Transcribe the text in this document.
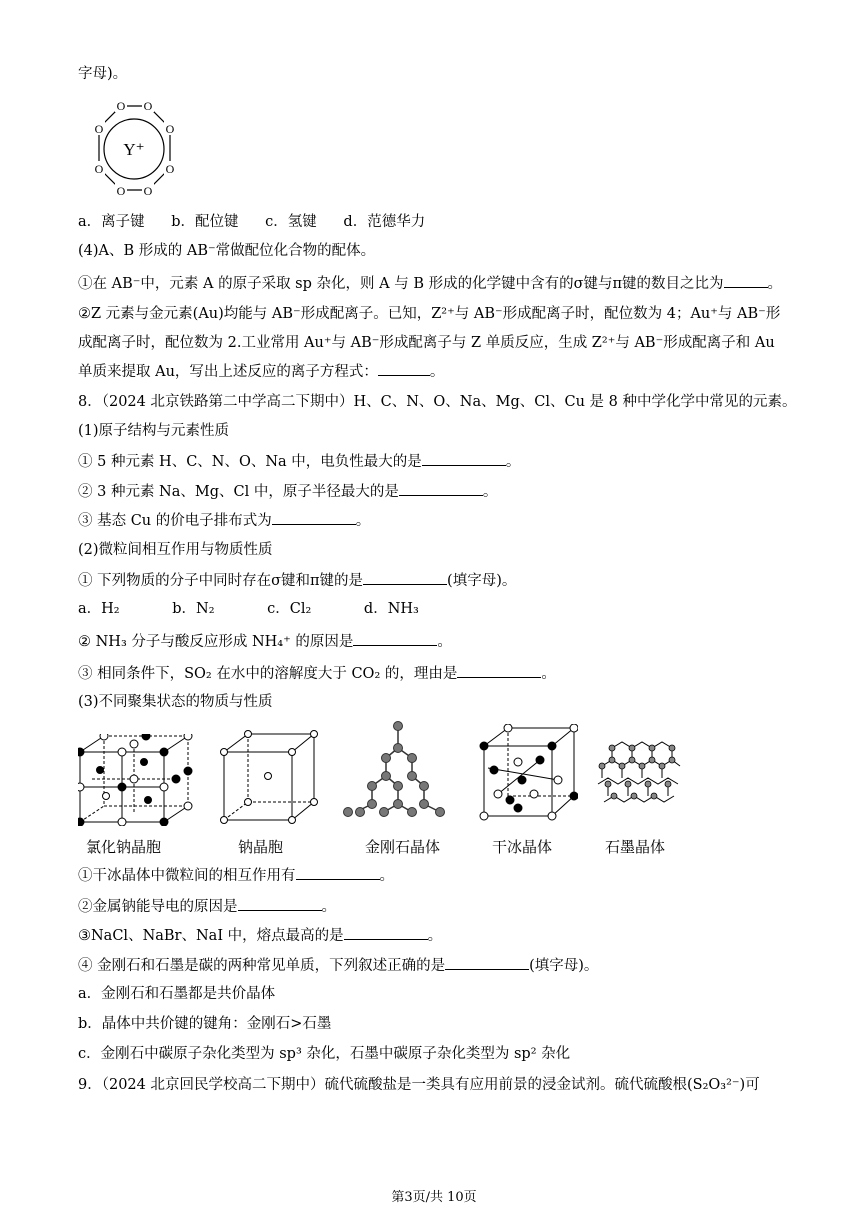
字母)。
O O
O
O
O
O
O
O
Y⁺
a．离子键 b．配位键 c．氢键 d．范德华力
(4)A、B 形成的 AB⁻常做配位化合物的配体。
①在 AB⁻中，元素 A 的原子采取 sp 杂化，则 A 与 B 形成的化学键中含有的σ键与π键的数目之比为	。
②Z 元素与金元素(Au)均能与 AB⁻形成配离子。已知，Z²⁺与 AB⁻形成配离子时，配位数为 4；Au⁺与 AB⁻形
成配离子时，配位数为 2.工业常用 Au⁺与 AB⁻形成配离子与 Z 单质反应，生成 Z²⁺与 AB⁻形成配离子和 Au
单质来提取 Au，写出上述反应的离子方程式：	。
8．（2024 北京铁路第二中学高二下期中）H、C、N、O、Na、Mg、Cl、Cu 是 8 种中学化学中常见的元素。
(1)原子结构与元素性质
① 5 种元素 H、C、N、O、Na 中，电负性最大的是	。
② 3 种元素 Na、Mg、Cl 中，原子半径最大的是	。
③ 基态 Cu 的价电子排布式为	。
(2)微粒间相互作用与物质性质
① 下列物质的分子中同时存在σ键和π键的是	(填字母)。
a．H₂	b．N₂	c．Cl₂	d．NH₃
② NH₃ 分子与酸反应形成 NH₄⁺ 的原因是	。
③ 相同条件下，SO₂ 在水中的溶解度大于 CO₂ 的，理由是	。
(3)不同聚集状态的物质与性质
氯化钠晶胞	钠晶胞	金刚石晶体	干冰晶体	石墨晶体
①干冰晶体中微粒间的相互作用有	。
②金属钠能导电的原因是	。
③NaCl、NaBr、NaI 中，熔点最高的是	。
④ 金刚石和石墨是碳的两种常见单质，下列叙述正确的是	(填字母)。
a．金刚石和石墨都是共价晶体
b．晶体中共价键的键角：金刚石>石墨
c．金刚石中碳原子杂化类型为 sp³ 杂化，石墨中碳原子杂化类型为 sp² 杂化
9．（2024 北京回民学校高二下期中）硫代硫酸盐是一类具有应用前景的浸金试剂。硫代硫酸根(S₂O₃²⁻)可
第3页/共 10页
